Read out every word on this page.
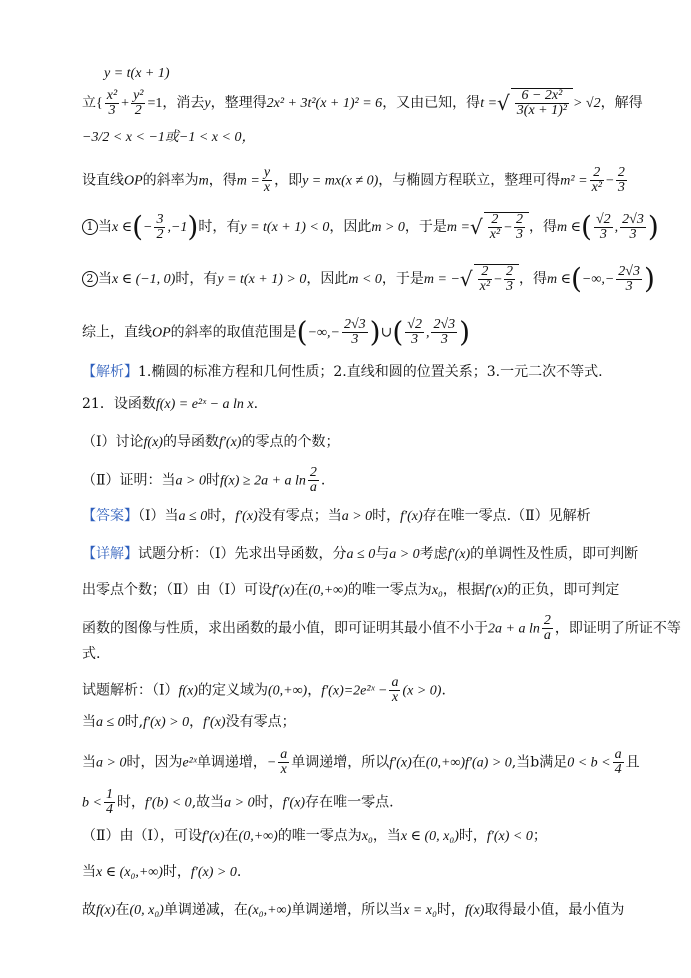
y = t(x + 1)
立{ $\frac{\text{x²}}{3} + \frac{\text{y²}}{2} =1$，消去y，整理得2x² + 3t²(x + 1)² = 6，又由已知，得t =√ $\frac{\text{6 − 2x²}}{\text{3(x + 1)²}} > √2$，解得
−3/2 < x < −1或−1 < x < 0，
设直线OP的斜率为m，得$m = \frac{y}{x}$ ，即y = mx(x ≠ 0)，与椭圆方程联立，整理可得$m^2 = \frac{2}{\text{x²}} - \frac{2}{3}$
1 当x ∈(− $\frac{3}{2} ,-1$)时，有y = t(x + 1) < 0，因此m > 0，于是m =√ $\frac{2}{\text{x²}} - \frac{2}{3}$ ，得m ∈( $\frac{√2}{3}$ , $\frac{2√3}{3}$ )
2 当x ∈ (−1, 0)时，有y = t(x + 1) > 0，因此m < 0，于是m = −√ $\frac{2}{\text{x²}} - \frac{2}{3}$ ，得m ∈(−∞,− $\frac{2√3}{3}$ )
综上，直线OP的斜率的取值范围是(−∞,− $\frac{2√3}{3}$ )∪( $\frac{√2}{3}$ , $\frac{2√3}{3}$ )
【解析】1.椭圆的标准方程和几何性质；2.直线和圆的位置关系；3.一元二次不等式.
21．设函数f(x) = e²ˣ − a ln x.
（Ⅰ）讨论f(x)的导函数f′(x)的零点的个数；
（Ⅱ）证明：当a > 0时f(x) ≥ 2a + a $\ln \frac{2}{a}$ .
【答案】（Ⅰ）当a ≤ 0时，f′(x)没有零点；当a > 0时，f′(x)存在唯一零点.（Ⅱ）见解析
【详解】试题分析：（Ⅰ）先求出导函数，分a ≤ 0与a > 0考虑f′(x)的单调性及性质，即可判断
出零点个数；（Ⅱ）由（Ⅰ）可设f′(x)在(0,+∞)的唯一零点为x₀，根据f′(x)的正负，即可判定
函数的图像与性质，求出函数的最小值，即可证明其最小值不小于2a + a $\ln \frac{2}{a}$ ，即证明了所证不等
式.
试题解析：（Ⅰ）f(x)的定义域为(0,+∞)，f′(x)=2e²ˣ − $\frac{a}{x} (x > 0)$.
当a ≤ 0时,f′(x) > 0，f′(x)没有零点；
当a > 0时，因为e²ˣ单调递增，− $\frac{a}{x}$ 单调递增，所以f′(x)在(0,+∞)f′(a) > 0,当b满足$0 < b < \frac{a}{4}$ 且
$b < \frac{1}{4}$ 时，f′(b) < 0,故当a > 0时，f′(x)存在唯一零点.
（Ⅱ）由（Ⅰ），可设f′(x)在(0,+∞)的唯一零点为x₀，当x ∈ (0, x₀)时，f′(x) < 0；
当x ∈ (x₀,+∞)时，f′(x) > 0.
故f(x)在(0, x₀)单调递减，在(x₀,+∞)单调递增，所以当x = x₀时，f(x)取得最小值，最小值为
